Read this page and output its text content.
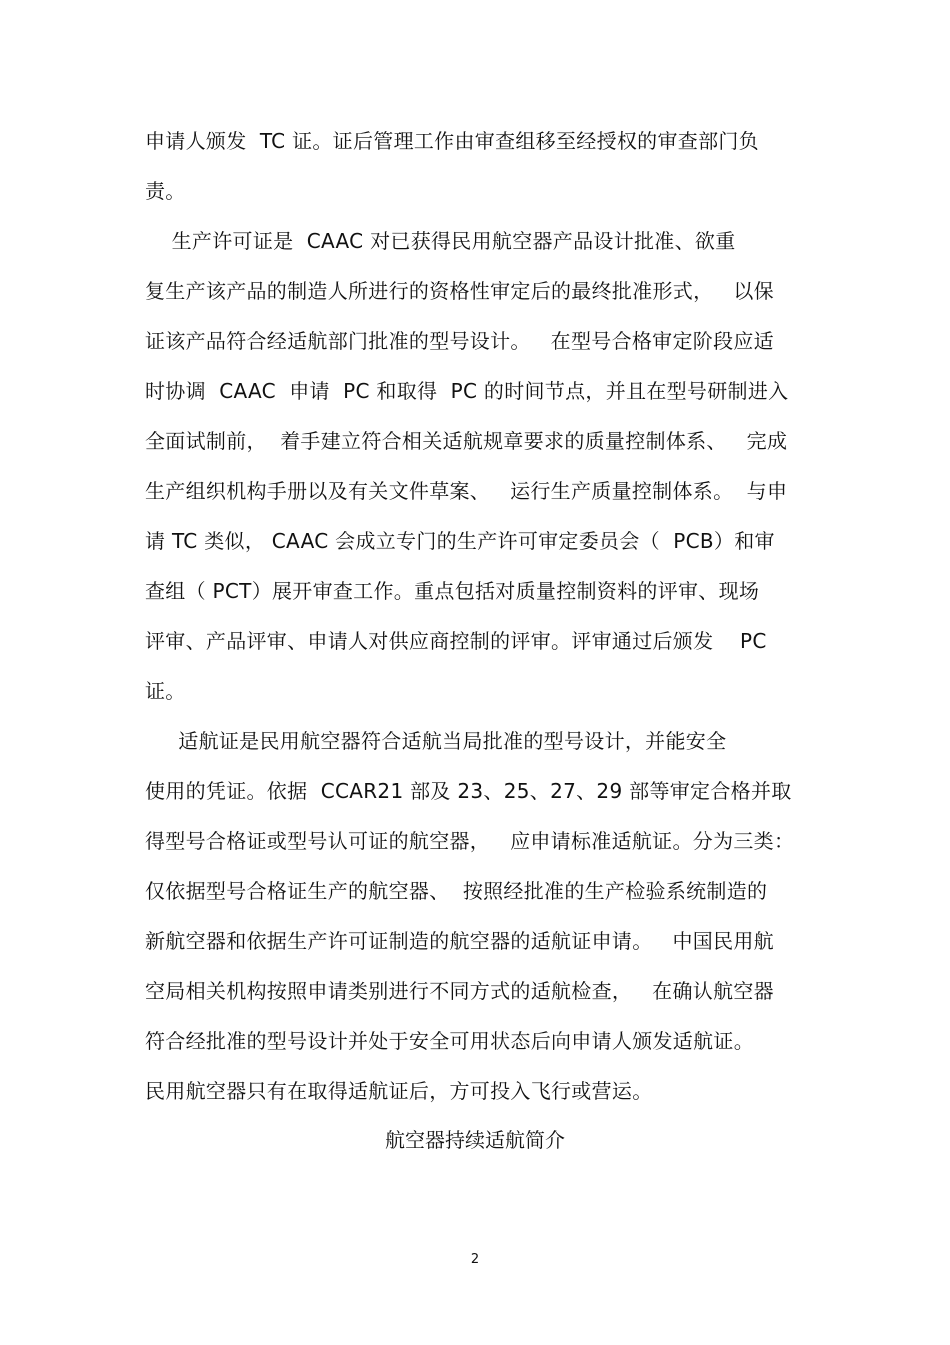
申请人颁发  TC 证。证后管理工作由审查组移至经授权的审查部门负
责。
生产许可证是  CAAC 对已获得民用航空器产品设计批准、欲重
复生产该产品的制造人所进行的资格性审定后的最终批准形式，   以保
证该产品符合经适航部门批准的型号设计。   在型号合格审定阶段应适
时协调  CAAC  申请  PC 和取得  PC 的时间节点，并且在型号研制进入
全面试制前，  着手建立符合相关适航规章要求的质量控制体系、   完成
生产组织机构手册以及有关文件草案、   运行生产质量控制体系。  与申
请 TC 类似， CAAC 会成立专门的生产许可审定委员会（  PCB）和审
查组（ PCT）展开审查工作。重点包括对质量控制资料的评审、现场
评审、产品评审、申请人对供应商控制的评审。评审通过后颁发    PC
证。
适航证是民用航空器符合适航当局批准的型号设计，并能安全
使用的凭证。依据  CCAR21 部及 23、25、27、29 部等审定合格并取
得型号合格证或型号认可证的航空器，   应申请标准适航证。分为三类：
仅依据型号合格证生产的航空器、  按照经批准的生产检验系统制造的
新航空器和依据生产许可证制造的航空器的适航证申请。   中国民用航
空局相关机构按照申请类别进行不同方式的适航检查，   在确认航空器
符合经批准的型号设计并处于安全可用状态后向申请人颁发适航证。
民用航空器只有在取得适航证后，方可投入飞行或营运。
航空器持续适航简介
2
